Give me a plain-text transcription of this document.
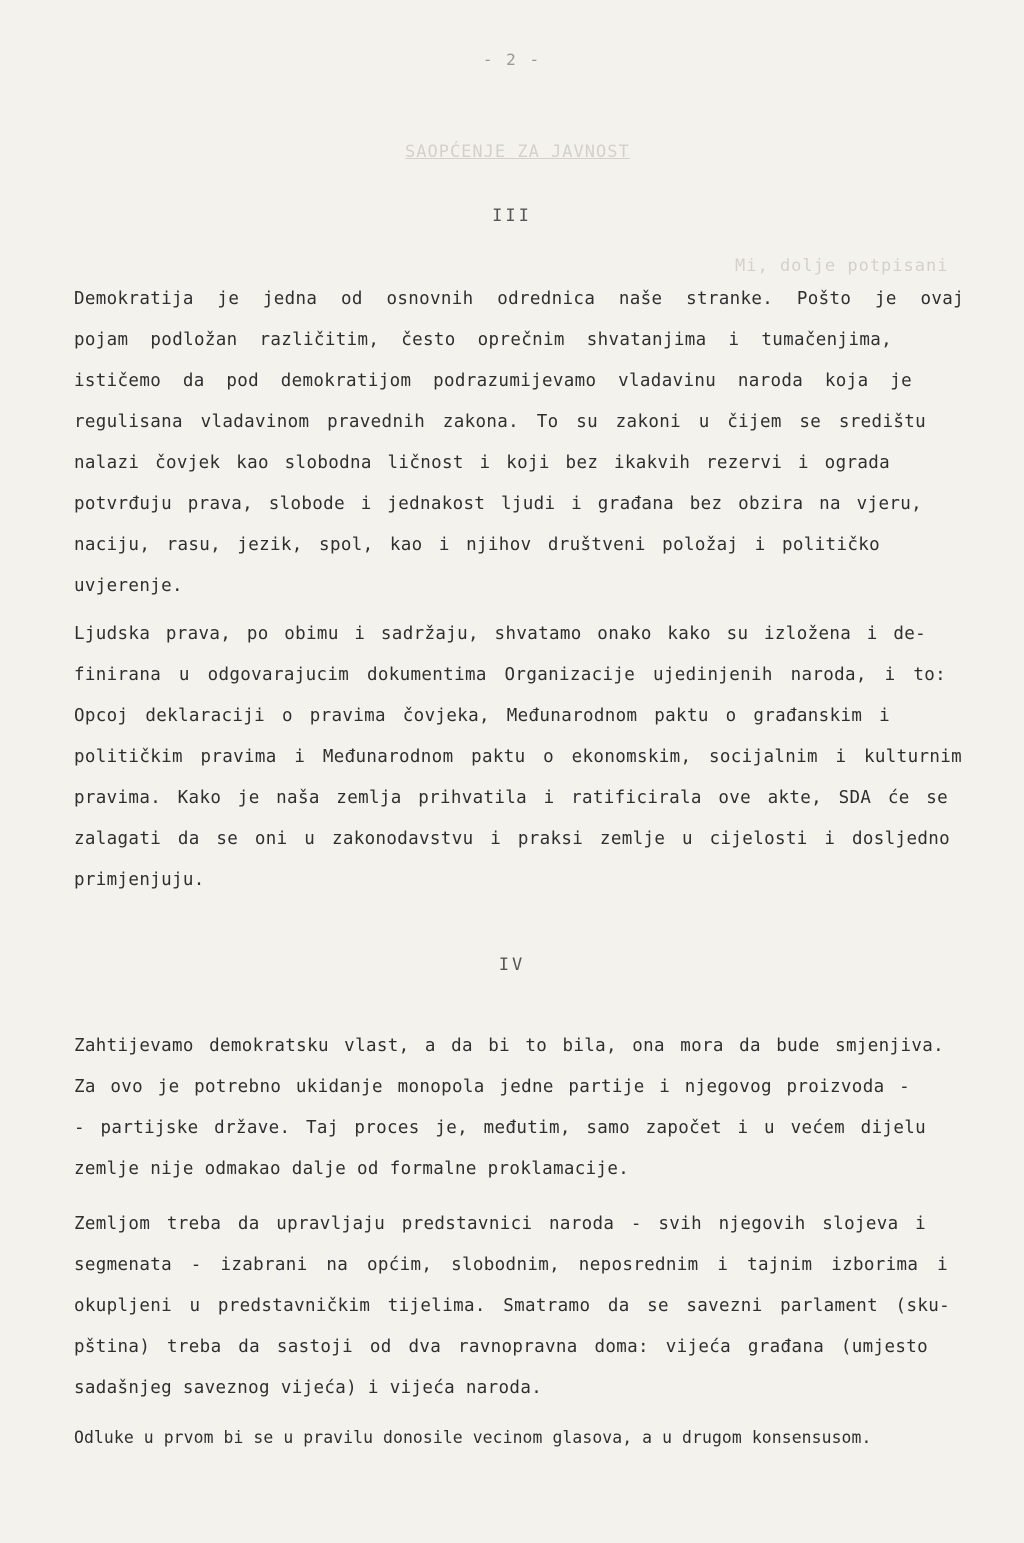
- 2 -
SAOPĆENJE ZA JAVNOST
Mi, dolje potpisani
III
Demokratija je jedna od osnovnih odrednica naše stranke. Pošto je ovaj
pojam podložan različitim, često oprečnim shvatanjima i tumačenjima,
ističemo da pod demokratijom podrazumijevamo vladavinu naroda koja je
regulisana vladavinom pravednih zakona. To su zakoni u čijem se središtu
nalazi čovjek kao slobodna ličnost i koji bez ikakvih rezervi i ograda
potvrđuju prava, slobode i jednakost ljudi i građana bez obzira na vjeru,
naciju, rasu, jezik, spol, kao i njihov društveni položaj i političko
uvjerenje.
Ljudska prava, po obimu i sadržaju, shvatamo onako kako su izložena i de-
finirana u odgovarajucim dokumentima Organizacije ujedinjenih naroda, i to:
Opcoj deklaraciji o pravima čovjeka, Međunarodnom paktu o građanskim i
političkim pravima i Međunarodnom paktu o ekonomskim, socijalnim i kulturnim
pravima. Kako je naša zemlja prihvatila i ratificirala ove akte, SDA će se
zalagati da se oni u zakonodavstvu i praksi zemlje u cijelosti i dosljedno
primjenjuju.
IV
Zahtijevamo demokratsku vlast, a da bi to bila, ona mora da bude smjenjiva.
Za ovo je potrebno ukidanje monopola jedne partije i njegovog proizvoda -
- partijske države. Taj proces je, međutim, samo započet i u većem dijelu
zemlje nije odmakao dalje od formalne proklamacije.
Zemljom treba da upravljaju predstavnici naroda - svih njegovih slojeva i
segmenata - izabrani na općim, slobodnim, neposrednim i tajnim izborima i
okupljeni u predstavničkim tijelima. Smatramo da se savezni parlament (sku-
pština) treba da sastoji od dva ravnopravna doma: vijeća građana (umjesto
sadašnjeg saveznog vijeća) i vijeća naroda.
Odluke u prvom bi se u pravilu donosile vecinom glasova, a u drugom konsensusom.
